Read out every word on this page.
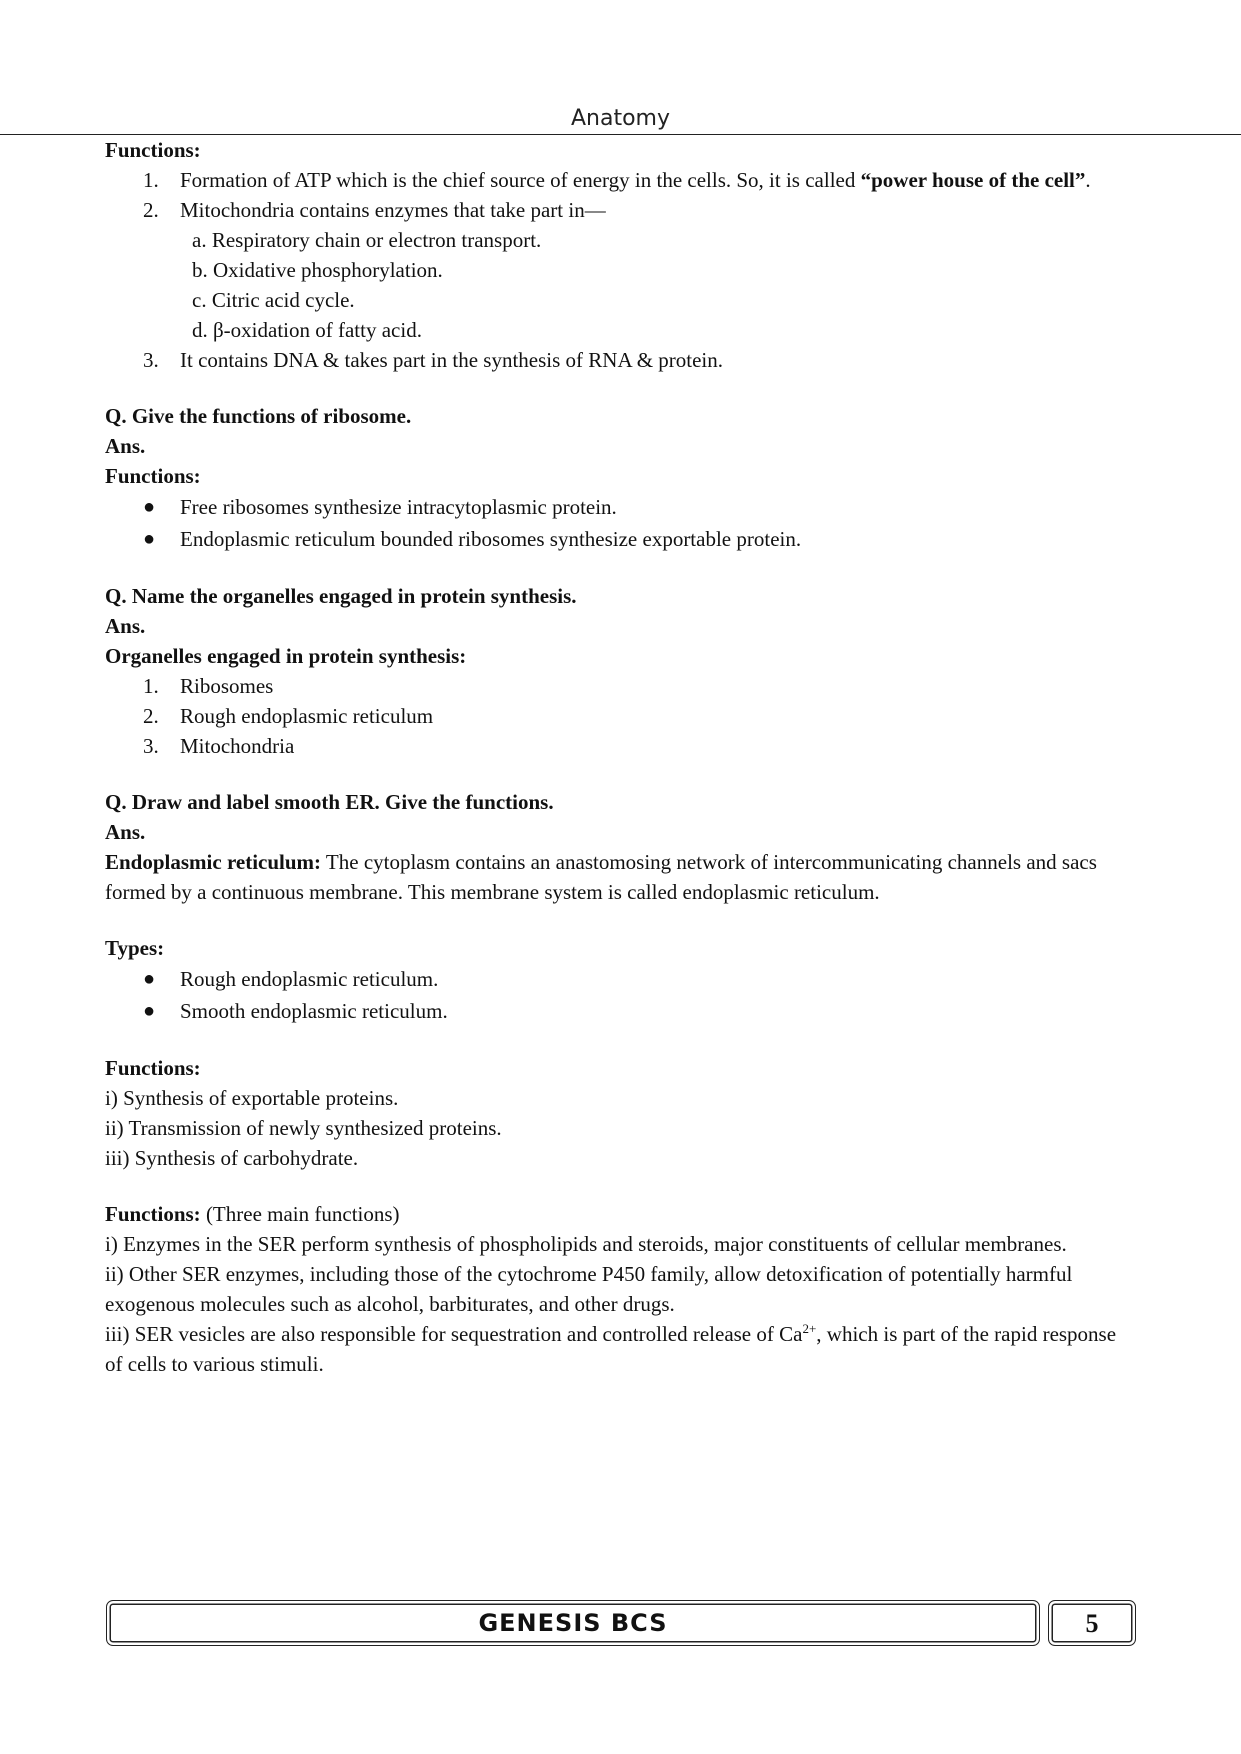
Anatomy

Functions:

1. Formation of ATP which is the chief source of energy in the cells. So, it is called “power house of the cell”.
2. Mitochondria contains enzymes that take part in—

a. Respiratory chain or electron transport.

b. Oxidative phosphorylation.

c. Citric acid cycle.

d. β-oxidation of fatty acid.

3. It contains DNA & takes part in the synthesis of RNA & protein.

Q. Give the functions of ribosome.

Ans.

Functions:

● Free ribosomes synthesize intracytoplasmic protein.
● Endoplasmic reticulum bounded ribosomes synthesize exportable protein.

Q. Name the organelles engaged in protein synthesis.

Ans.

Organelles engaged in protein synthesis:

1. Ribosomes
2. Rough endoplasmic reticulum
3. Mitochondria

Q. Draw and label smooth ER. Give the functions.

Ans.

Endoplasmic reticulum: The cytoplasm contains an anastomosing network of intercommunicating channels and sacs formed by a continuous membrane. This membrane system is called endoplasmic reticulum.

Types:

● Rough endoplasmic reticulum.
● Smooth endoplasmic reticulum.

Functions:

i) Synthesis of exportable proteins.

ii) Transmission of newly synthesized proteins.

iii) Synthesis of carbohydrate.

Functions: (Three main functions)

i) Enzymes in the SER perform synthesis of phospholipids and steroids, major constituents of cellular membranes.

ii) Other SER enzymes, including those of the cytochrome P450 family, allow detoxification of potentially harmful exogenous molecules such as alcohol, barbiturates, and other drugs.

iii) SER vesicles are also responsible for sequestration and controlled release of $Ca^{2+}$, which is part of the rapid response of cells to various stimuli.

GENESIS BCS	5
